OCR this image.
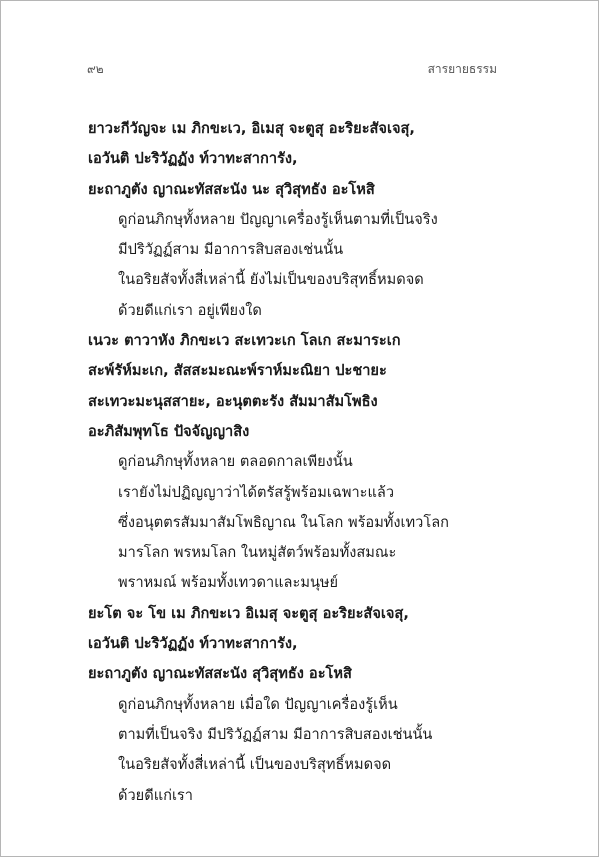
๙๒	สารยายธรรม
ยาวะกีวัญจะ เม ภิกขะเว, อิเมสุ จะตูสุ อะริยะสัจเจสุ,
เอวันติ ปะริวัฏฏัง ท์วาทะสาการัง,
ยะถาภูตัง ญาณะทัสสะนัง นะ สุวิสุทธัง อะโหสิ
ดูก่อนภิกษุทั้งหลาย ปัญญาเครื่องรู้เห็นตามที่เป็นจริง
มีปริวัฏฏ์สาม มีอาการสิบสองเช่นนั้น
ในอริยสัจทั้งสี่เหล่านี้ ยังไม่เป็นของบริสุทธิ์หมดจด
ด้วยดีแก่เรา อยู่เพียงใด
เนวะ ตาวาหัง ภิกขะเว สะเทวะเก โลเก สะมาระเก
สะพ์รัห์มะเก, สัสสะมะณะพ์ราห์มะณิยา ปะชายะ
สะเทวะมะนุสสายะ, อะนุตตะรัง สัมมาสัมโพธิง
อะภิสัมพุทโธ ปัจจัญญาสิง
ดูก่อนภิกษุทั้งหลาย ตลอดกาลเพียงนั้น
เรายังไม่ปฏิญญาว่าได้ตรัสรู้พร้อมเฉพาะแล้ว
ซึ่งอนุตตรสัมมาสัมโพธิญาณ ในโลก พร้อมทั้งเทวโลก
มารโลก พรหมโลก ในหมู่สัตว์พร้อมทั้งสมณะ
พราหมณ์ พร้อมทั้งเทวดาและมนุษย์
ยะโต จะ โข เม ภิกขะเว อิเมสุ จะตูสุ อะริยะสัจเจสุ,
เอวันติ ปะริวัฏฏัง ท์วาทะสาการัง,
ยะถาภูตัง ญาณะทัสสะนัง สุวิสุทธัง อะโหสิ
ดูก่อนภิกษุทั้งหลาย เมื่อใด ปัญญาเครื่องรู้เห็น
ตามที่เป็นจริง มีปริวัฏฏ์สาม มีอาการสิบสองเช่นนั้น
ในอริยสัจทั้งสี่เหล่านี้ เป็นของบริสุทธิ์หมดจด
ด้วยดีแก่เรา
